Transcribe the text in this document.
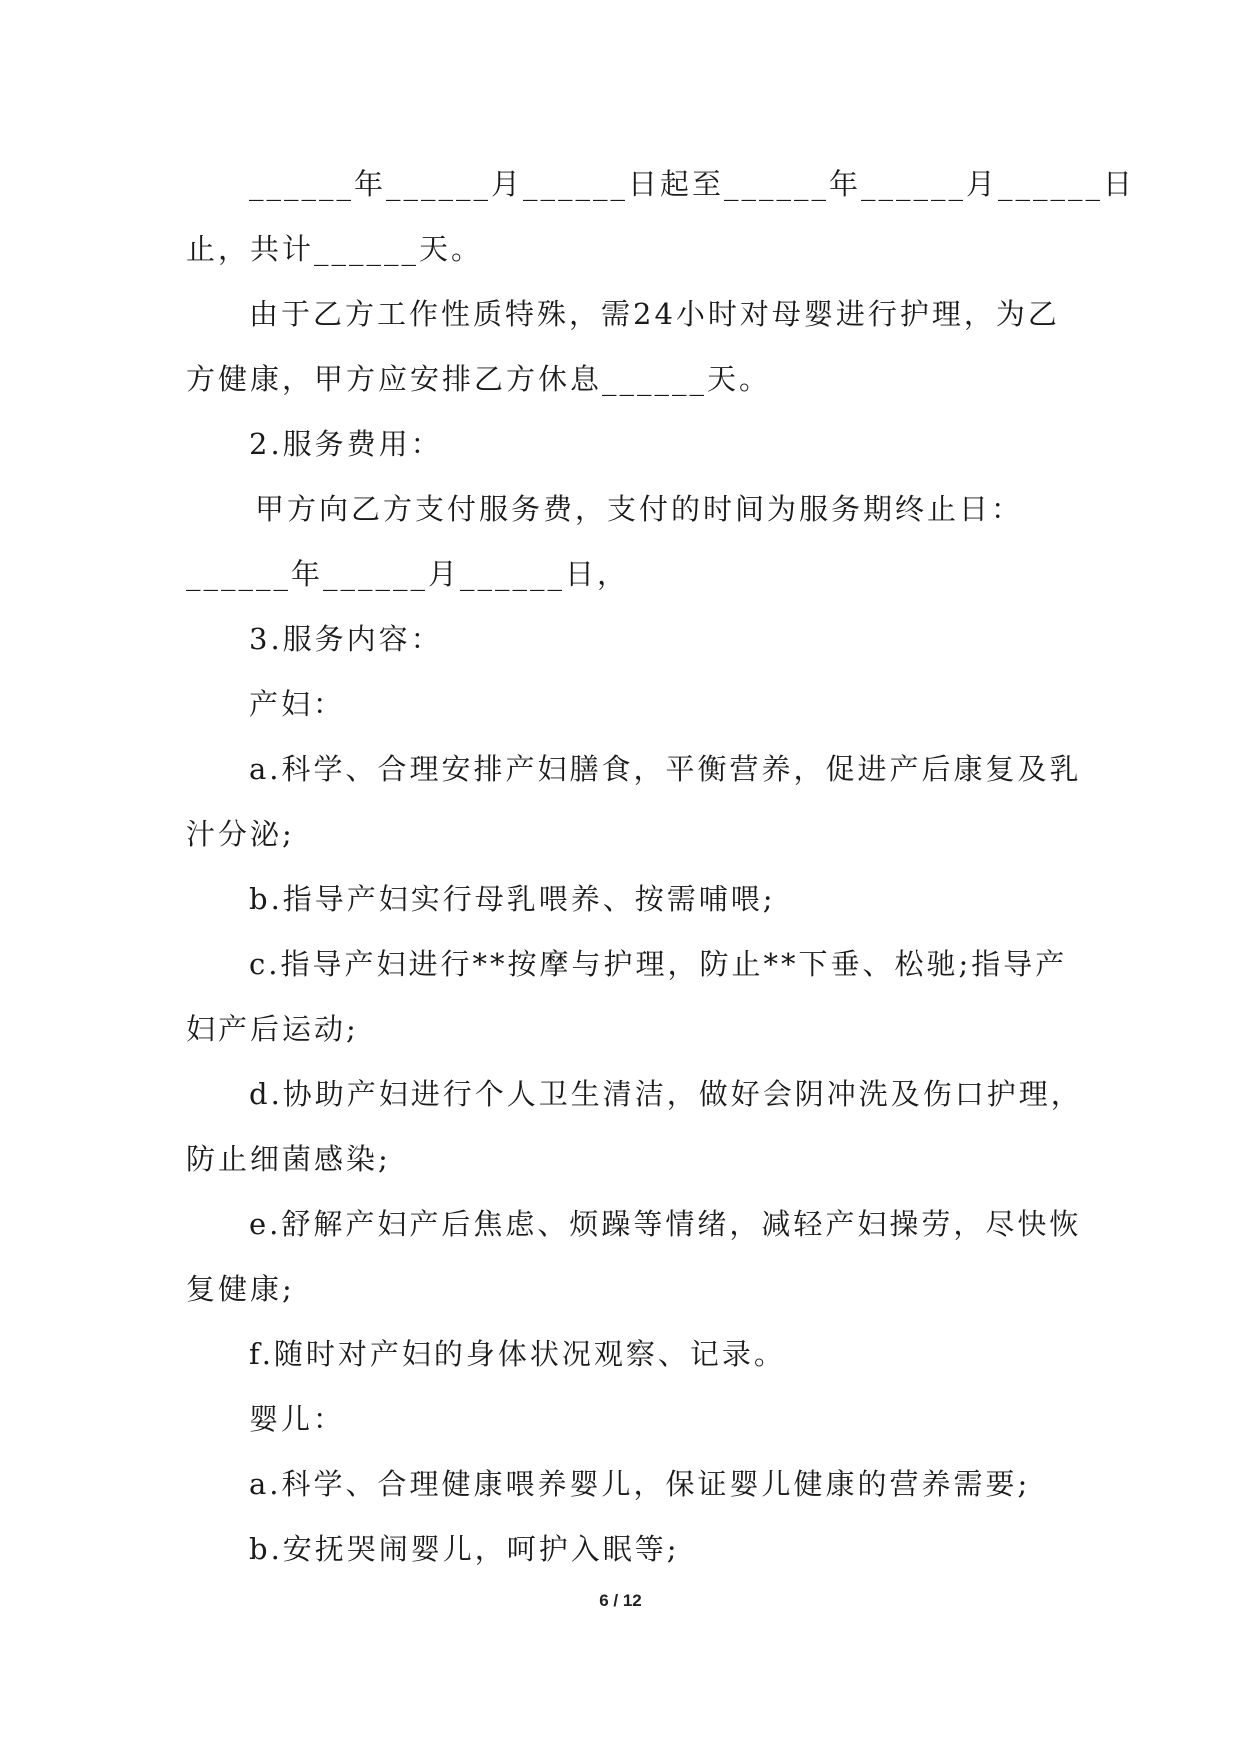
______年______月______日起至______年______月______日
止，共计______天。
由于乙方工作性质特殊，需24小时对母婴进行护理，为乙
方健康，甲方应安排乙方休息______天。
2.服务费用：
甲方向乙方支付服务费，支付的时间为服务期终止日：
______年______月______日，
3.服务内容：
产妇：
a.科学、合理安排产妇膳食，平衡营养，促进产后康复及乳
汁分泌;
b.指导产妇实行母乳喂养、按需哺喂;
c.指导产妇进行**按摩与护理，防止**下垂、松驰;指导产
妇产后运动;
d.协助产妇进行个人卫生清洁，做好会阴冲洗及伤口护理，
防止细菌感染;
e.舒解产妇产后焦虑、烦躁等情绪，减轻产妇操劳，尽快恢
复健康;
f.随时对产妇的身体状况观察、记录。
婴儿：
a.科学、合理健康喂养婴儿，保证婴儿健康的营养需要;
b.安抚哭闹婴儿，呵护入眠等;
6 / 12
